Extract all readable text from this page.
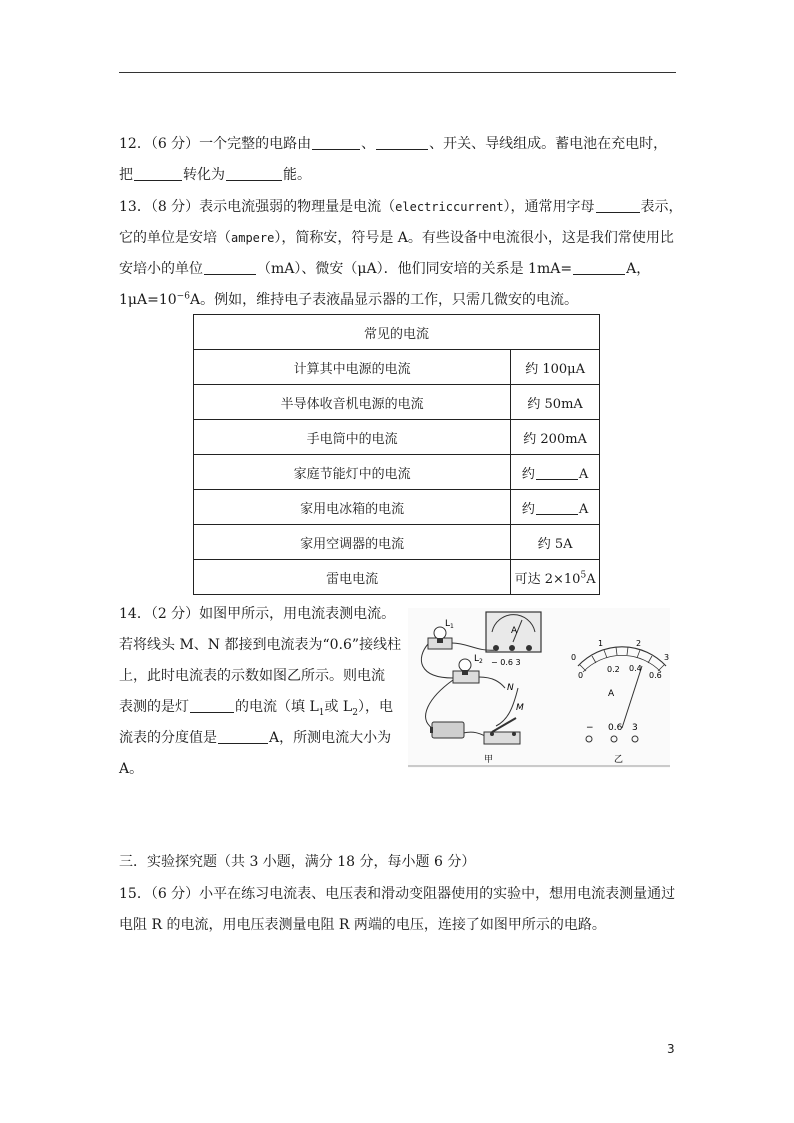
12．（6 分）一个完整的电路由	、	、开关、导线组成。蓄电池在充电时，
把	转化为	能。
13．（8 分）表示电流强弱的物理量是电流（electriccurrent），通常用字母	表示，
它的单位是安培（ampere），简称安，符号是 A。有些设备中电流很小，这是我们常使用比
安培小的单位	（mA）、微安（μA）．他们同安培的关系是 1mA=	A，
$1\mu A=10^{-6}A$。例如，维持电子表液晶显示器的工作，只需几微安的电流。
常见的电流	
计算其中电源的电流	约 100μA
半导体收音机电源的电流	约 50mA
手电筒中的电流	约 200mA
家庭节能灯中的电流	约 A
家用电冰箱的电流	约 A
家用空调器的电流	约 5A
雷电电流	可达 $2\times 10^5A$
14．（2 分）如图甲所示，用电流表测电流。
若将线头 M、N 都接到电流表为“0.6”接线柱
上，此时电流表的示数如图乙所示。则电流
表测的是灯	的电流（填 $L_1$或 $L_2$），电
流表的分度值是	A，所测电流大小为
A。
A
− 0.6 3
$L_1$
$L_2$
N
M
甲
0
0.2 0.4
0.6
0
1	2
3
A
− 0.6 3
乙
三．实验探究题（共 3 小题，满分 18 分，每小题 6 分）
15．（6 分）小平在练习电流表、电压表和滑动变阻器使用的实验中，想用电流表测量通过
电阻 R 的电流，用电压表测量电阻 R 两端的电压，连接了如图甲所示的电路。
3
